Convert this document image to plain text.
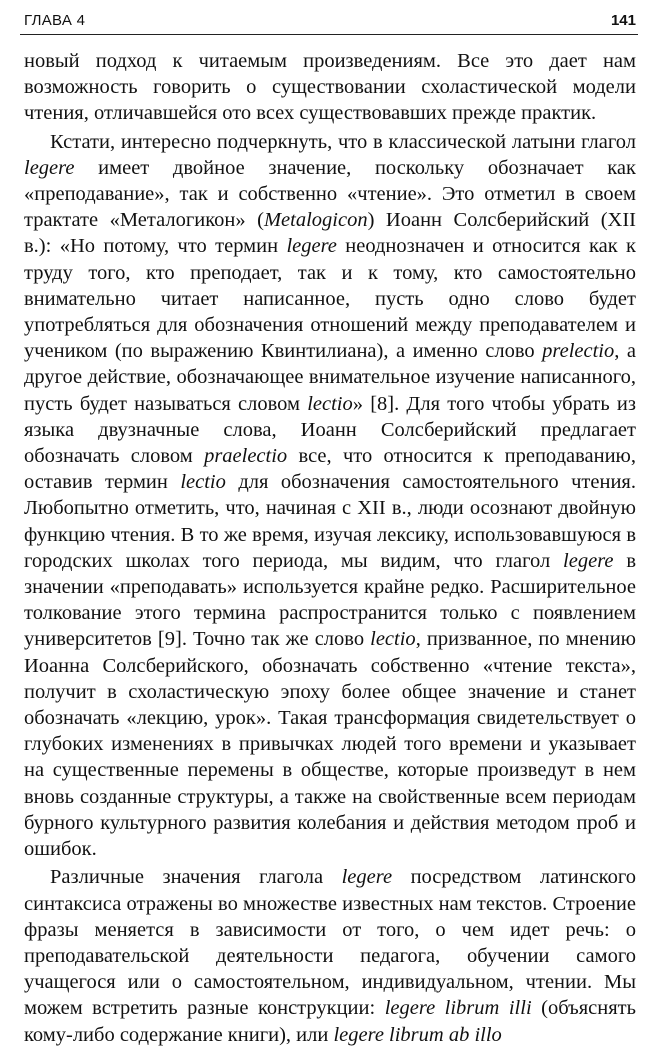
ГЛАВА 4	141

новый подход к читаемым произведениям. Все это дает нам возможность говорить о существовании схоластической модели чтения, отличавшейся ото всех существовавших прежде практик.

Кстати, интересно подчеркнуть, что в классической латыни глагол legere имеет двойное значение, поскольку обозначает как «преподавание», так и собственно «чтение». Это отметил в своем трактате «Металогикон» (Metalogicon) Иоанн Солсберийский (XII в.): «Но потому, что термин legere неоднозначен и относится как к труду того, кто преподает, так и к тому, кто самостоятельно внимательно читает написанное, пусть одно слово будет употребляться для обозначения отношений между преподавателем и учеником (по выражению Квинтилиана), а именно слово prelectio, а другое действие, обозначающее внимательное изучение написанного, пусть будет называться словом lectio» [8]. Для того чтобы убрать из языка двузначные слова, Иоанн Солсберийский предлагает обозначать словом praelectio все, что относится к преподаванию, оставив термин lectio для обозначения самостоятельного чтения. Любопытно отметить, что, начиная с XII в., люди осознают двойную функцию чтения. В то же время, изучая лексику, использовавшуюся в городских школах того периода, мы видим, что глагол legere в значении «преподавать» используется крайне редко. Расширительное толкование этого термина распространится только с появлением университетов [9]. Точно так же слово lectio, призванное, по мнению Иоанна Солсберийского, обозначать собственно «чтение текста», получит в схоластическую эпоху более общее значение и станет обозначать «лекцию, урок». Такая трансформация свидетельствует о глубоких изменениях в привычках людей того времени и указывает на существенные перемены в обществе, которые произведут в нем вновь созданные структуры, а также на свойственные всем периодам бурного культурного развития колебания и действия методом проб и ошибок.

Различные значения глагола legere посредством латинского синтаксиса отражены во множестве известных нам текстов. Строение фразы меняется в зависимости от того, о чем идет речь: о преподавательской деятельности педагога, обучении самого учащегося или о самостоятельном, индивидуальном, чтении. Мы можем встретить разные конструкции: legere librum illi (объяснять кому-либо содержание книги), или legere librum ab illo
